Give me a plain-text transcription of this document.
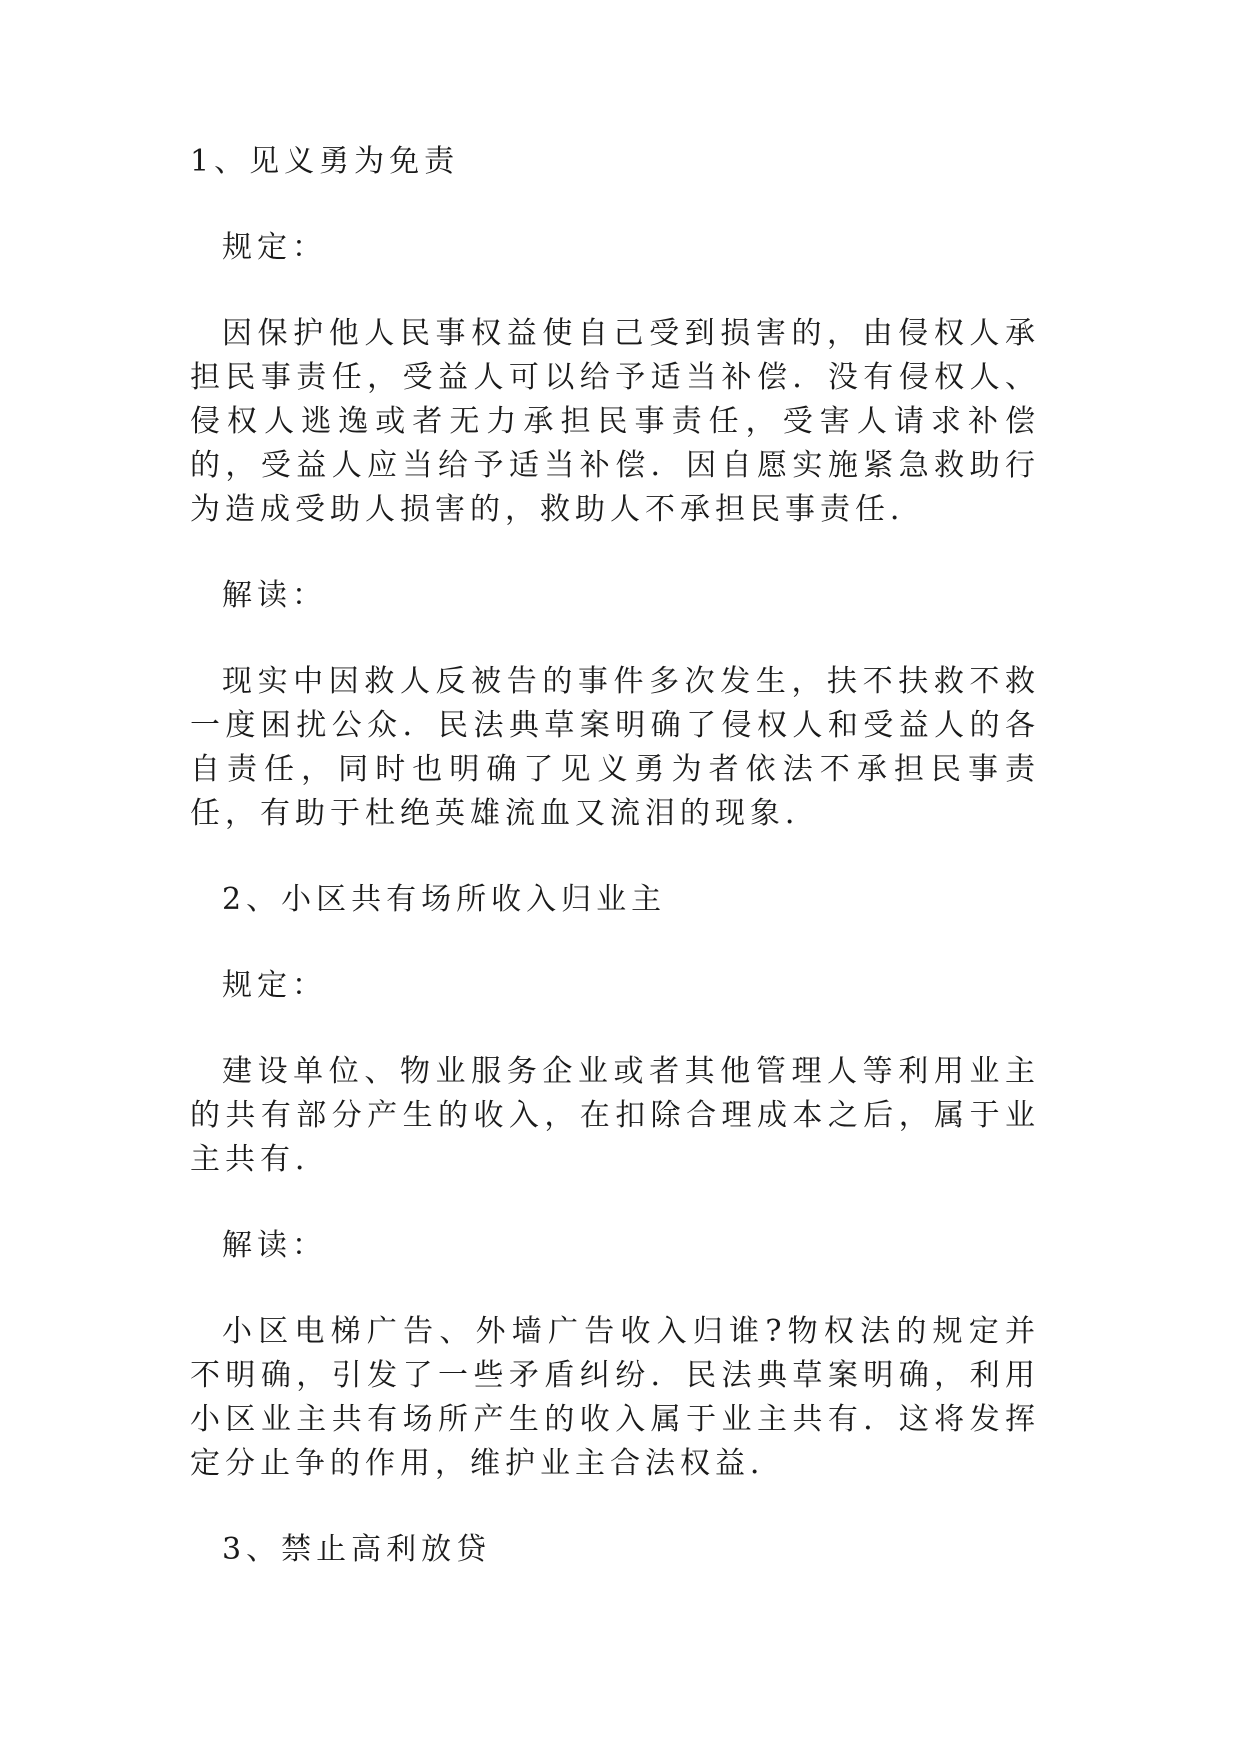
1、见义勇为免责

规定：

因保护他人民事权益使自己受到损害的，由侵权人承担民事责任，受益人可以给予适当补偿．没有侵权人、侵权人逃逸或者无力承担民事责任，受害人请求补偿的，受益人应当给予适当补偿．因自愿实施紧急救助行为造成受助人损害的，救助人不承担民事责任．

解读：

现实中因救人反被告的事件多次发生，扶不扶救不救一度困扰公众．民法典草案明确了侵权人和受益人的各自责任，同时也明确了见义勇为者依法不承担民事责任，有助于杜绝英雄流血又流泪的现象．

2、小区共有场所收入归业主

规定：

建设单位、物业服务企业或者其他管理人等利用业主的共有部分产生的收入，在扣除合理成本之后，属于业主共有．

解读：

小区电梯广告、外墙广告收入归谁?物权法的规定并不明确，引发了一些矛盾纠纷．民法典草案明确，利用小区业主共有场所产生的收入属于业主共有．这将发挥定分止争的作用，维护业主合法权益．

3、禁止高利放贷
